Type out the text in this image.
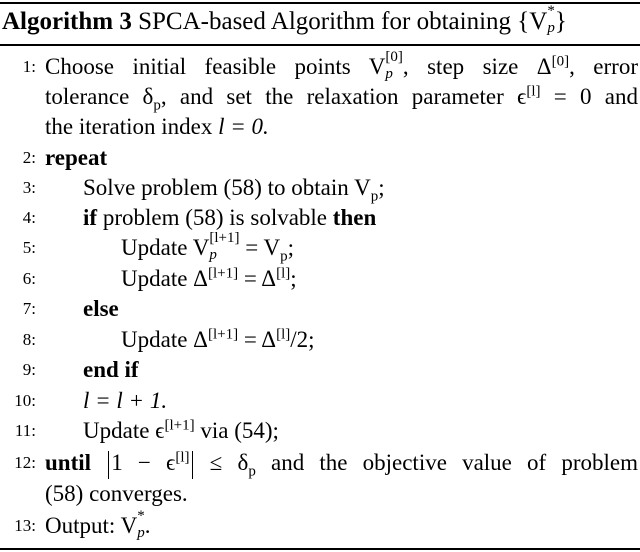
Algorithm 3 SPCA-based Algorithm for obtaining {V *
p }
1: Choose initial feasible points V [0]
p , step size Δ[0], error
tolerance $\delta_p$, and set the relaxation parameter ϵ[l] = 0 and
the iteration index l = 0.
2: repeat
3: Solve problem (58) to obtain $V_p$;
4: if problem (58) is solvable then
5:	Update V [l+1]
p	= $V_p$;
6:	Update Δ[l+1] = Δ[l];
7: else
8:	Update Δ[l+1] = Δ[l]/2;
9: end if
10: l = l + 1.
11: Update ϵ[l+1] via (54);
12: until $1 - \epsilon[l] \le \delta_p$ and the objective value of problem
(58) converges.
13: Output: V *
p .
